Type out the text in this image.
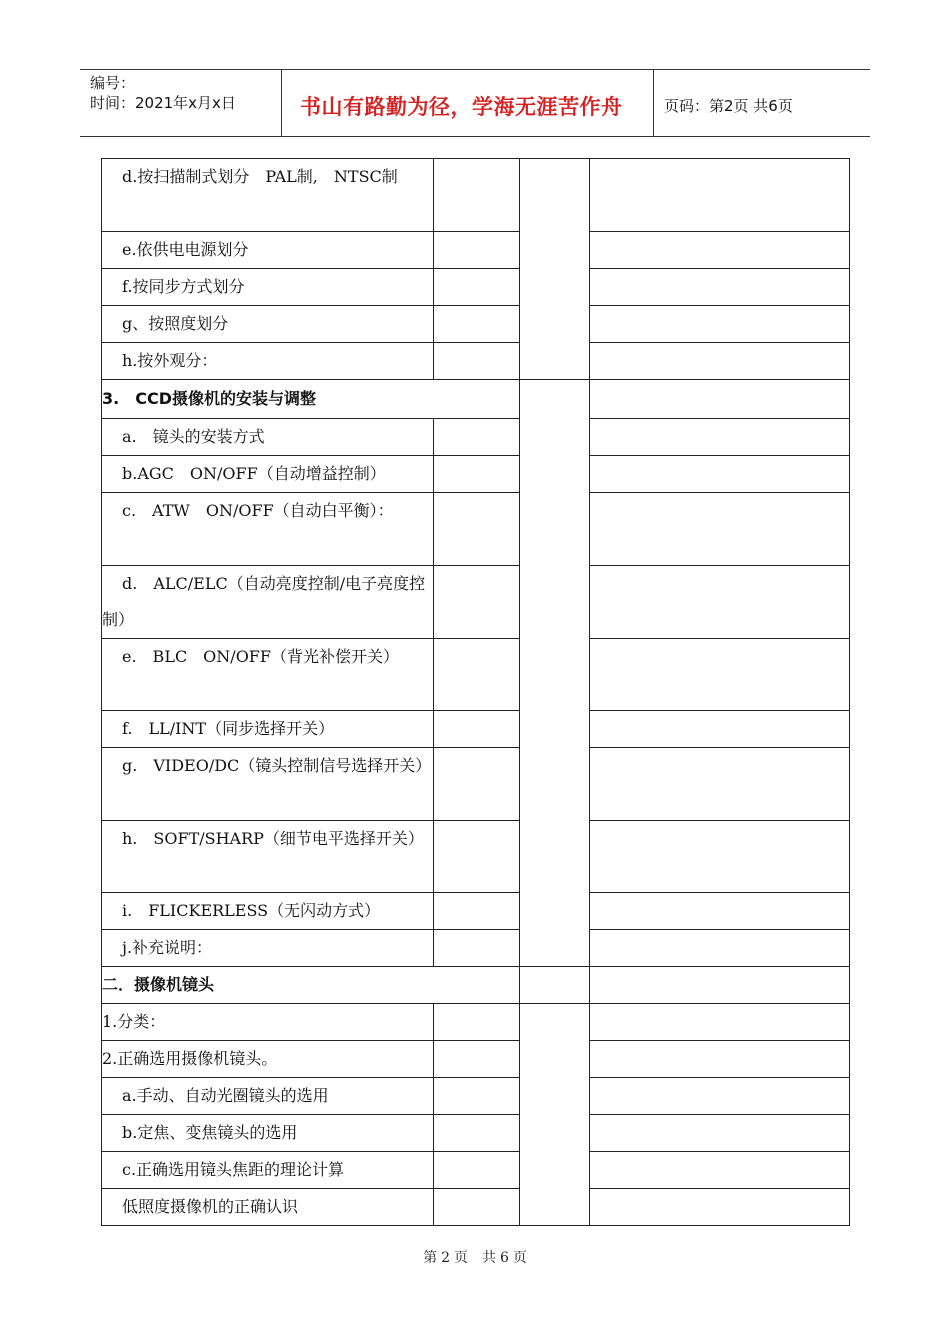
编号：
时间：2021年x月x日	书山有路勤为径，学海无涯苦作舟	页码：第2页 共6页
d.按扫描制式划分　PAL制,　NTSC制			
e.依供电电源划分			
f.按同步方式划分			
g、按照度划分			
h.按外观分：			
3.　CCD摄像机的安装与调整			
a.　镜头的安装方式			
b.AGC　ON/OFF（自动增益控制）			
c.　ATW　ON/OFF（自动白平衡）：			
d.　ALC/ELC（自动亮度控制/电子亮度控制）			
e.　BLC　ON/OFF（背光补偿开关）			
f.　LL/INT（同步选择开关）			
g.　VIDEO/DC（镜头控制信号选择开关）			
h.　SOFT/SHARP（细节电平选择开关）			
i.　FLICKERLESS（无闪动方式）			
j.补充说明：			
二．摄像机镜头			
1.分类：			
2.正确选用摄像机镜头。			
a.手动、自动光圈镜头的选用			
b.定焦、变焦镜头的选用			
c.正确选用镜头焦距的理论计算			
低照度摄像机的正确认识			
第 2 页　共 6 页
